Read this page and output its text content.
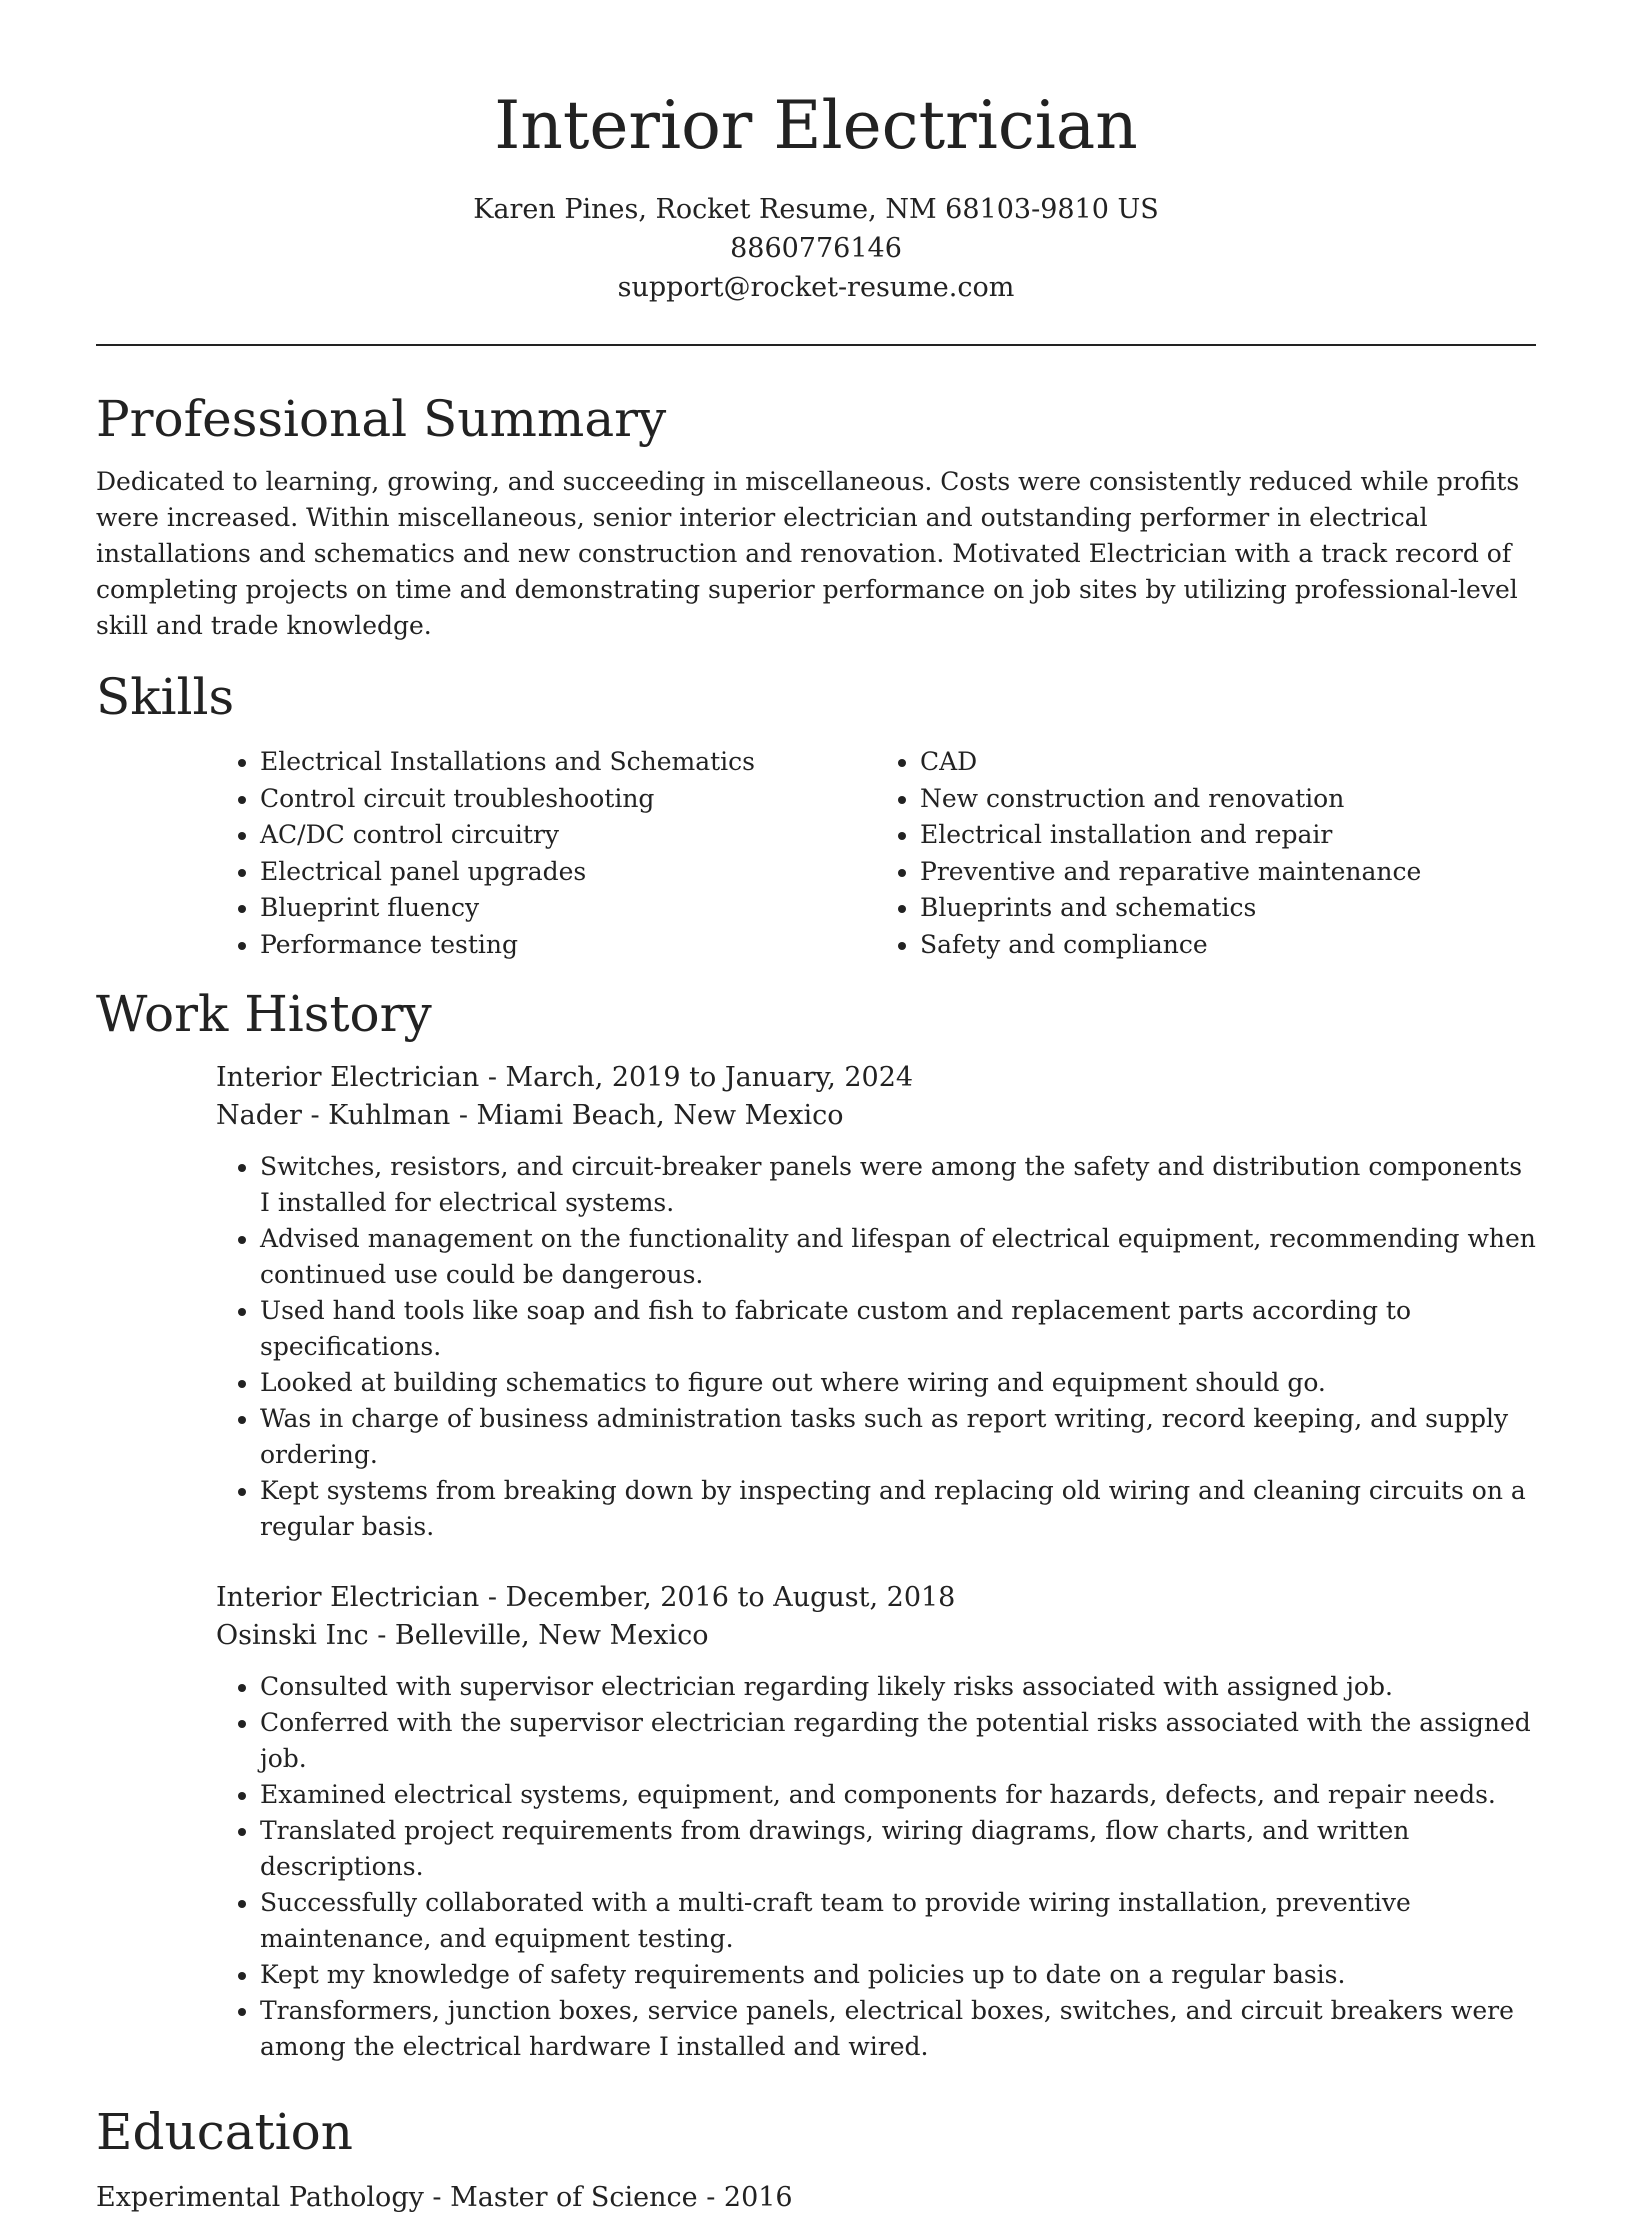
Interior Electrician

Karen Pines, Rocket Resume, NM 68103-9810 US

8860776146

support@rocket-resume.com

Professional Summary

Dedicated to learning, growing, and succeeding in miscellaneous. Costs were consistently reduced while profits were increased. Within miscellaneous, senior interior electrician and outstanding performer in electrical installations and schematics and new construction and renovation. Motivated Electrician with a track record of completing projects on time and demonstrating superior performance on job sites by utilizing professional-level skill and trade knowledge.

Skills
• Electrical Installations and Schematics
• Control circuit troubleshooting
• AC/DC control circuitry
• Electrical panel upgrades
• Blueprint fluency
• Performance testing
• CAD
• New construction and renovation
• Electrical installation and repair
• Preventive and reparative maintenance
• Blueprints and schematics
• Safety and compliance
Work History

Interior Electrician - March, 2019 to January, 2024

Nader - Kuhlman - Miami Beach, New Mexico

• Switches, resistors, and circuit-breaker panels were among the safety and distribution components I installed for electrical systems.
• Advised management on the functionality and lifespan of electrical equipment, recommending when continued use could be dangerous.
• Used hand tools like soap and fish to fabricate custom and replacement parts according to specifications.
• Looked at building schematics to figure out where wiring and equipment should go.
• Was in charge of business administration tasks such as report writing, record keeping, and supply ordering.
• Kept systems from breaking down by inspecting and replacing old wiring and cleaning circuits on a regular basis.

Interior Electrician - December, 2016 to August, 2018

Osinski Inc - Belleville, New Mexico

• Consulted with supervisor electrician regarding likely risks associated with assigned job.
• Conferred with the supervisor electrician regarding the potential risks associated with the assigned job.
• Examined electrical systems, equipment, and components for hazards, defects, and repair needs.
• Translated project requirements from drawings, wiring diagrams, flow charts, and written descriptions.
• Successfully collaborated with a multi-craft team to provide wiring installation, preventive maintenance, and equipment testing.
• Kept my knowledge of safety requirements and policies up to date on a regular basis.
• Transformers, junction boxes, service panels, electrical boxes, switches, and circuit breakers were among the electrical hardware I installed and wired.
Education

Experimental Pathology - Master of Science - 2016
